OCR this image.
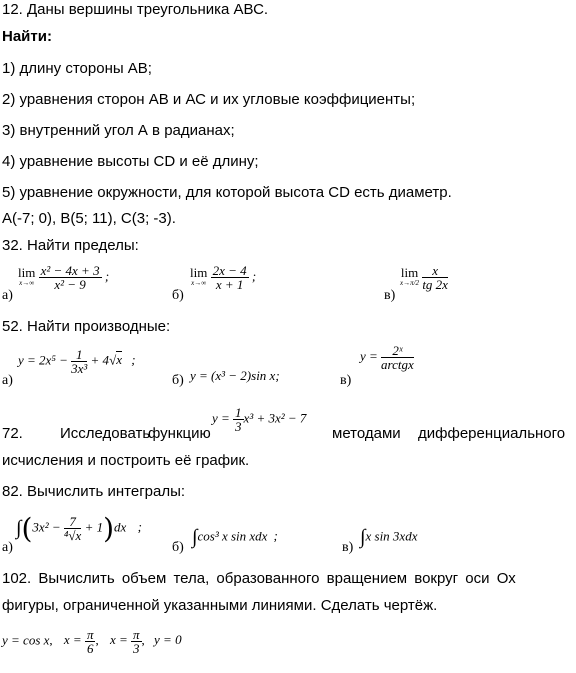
12. Даны вершины треугольника АВС.
Найти:
1) длину стороны АВ;
2) уравнения сторон АВ и АС и их угловые коэффициенты;
3) внутренний угол А в радианах;
4) уравнение высоты СD и её длину;
5) уравнение окружности, для которой высота СD есть диаметр.
А(-7; 0), В(5; 11), С(3; -3).
32. Найти пределы:
а)
lim
x→∞
$\frac{\text{x² − 4x + 3}}{\text{x² − 9}}$ ;
б)
lim
x→∞
$\frac{2x - 4}{x + 1}$ ;
в)
lim
x→π/2
$\frac{x}{tg 2x}$
52. Найти производные:
а)
$y = 2x^5 - \frac{1}{\text{3x³}} + 4√x$ ;
б) y = (x³ − 2)sin x;	в)
$y = \frac{\text{2ˣ}}{\text{arctgx}}$
72. Исследовать
функцию
$y = \frac{1}{3} x^3 + 3x^2 - 7$
методами дифференциального
исчисления и построить её график.
82. Вычислить интегралы:
а)
$\int(3x^2 - \frac{7}{\text{⁴√x}} + 1)dx$ ;
б) ∫cos³ x sin xdx ;
в) ∫x sin 3xdx
102. Вычислить объем тела, образованного вращением вокруг оси Ох
фигуры, ограниченной указанными линиями. Сделать чертёж.
y = cos x, $x = \frac{\pi}{6}$ , $x = \frac{\pi}{3}$ , y = 0
